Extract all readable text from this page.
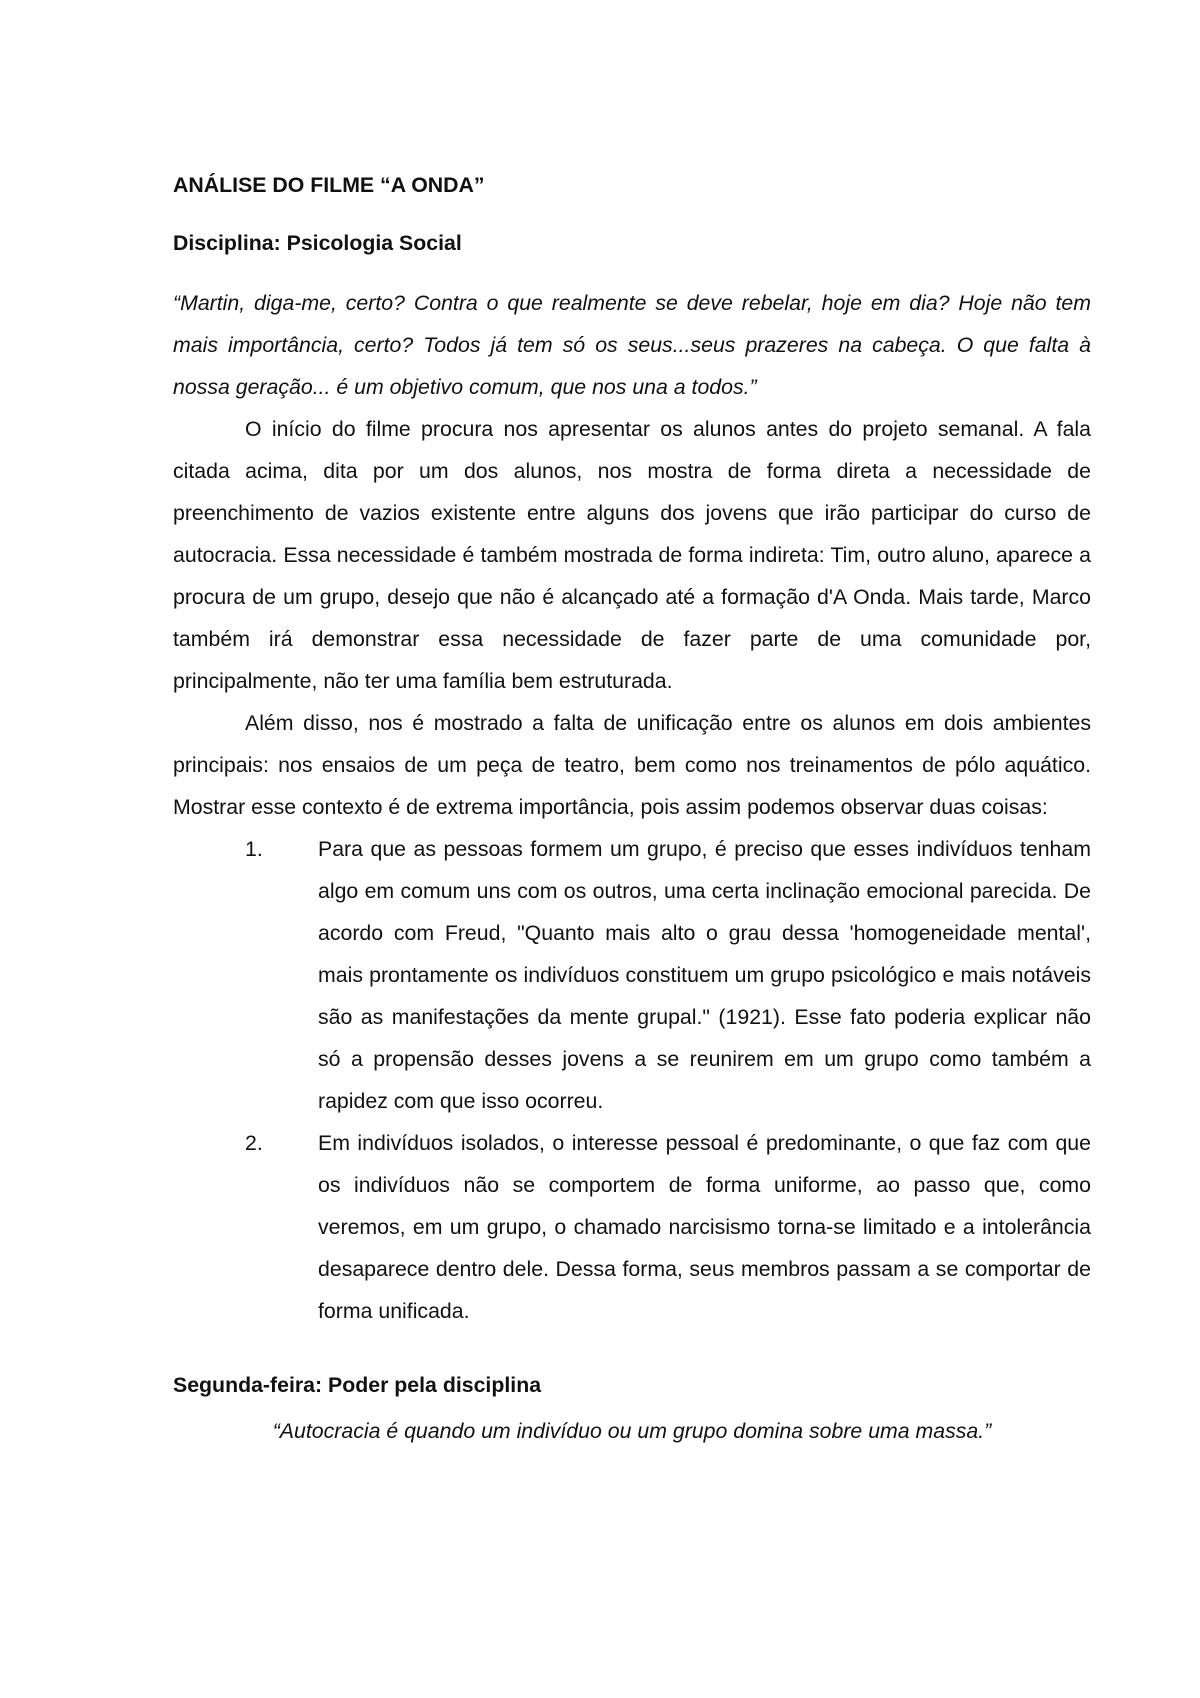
ANÁLISE DO FILME “A ONDA”
Disciplina: Psicologia Social

“Martin, diga-me, certo? Contra o que realmente se deve rebelar, hoje em dia? Hoje não tem mais importância, certo? Todos já tem só os seus...seus prazeres na cabeça. O que falta à nossa geração... é um objetivo comum, que nos una a todos.”

O início do filme procura nos apresentar os alunos antes do projeto semanal. A fala citada acima, dita por um dos alunos, nos mostra de forma direta a necessidade de preenchimento de vazios existente entre alguns dos jovens que irão participar do curso de autocracia. Essa necessidade é também mostrada de forma indireta: Tim, outro aluno, aparece a procura de um grupo, desejo que não é alcançado até a formação d'A Onda. Mais tarde, Marco também irá demonstrar essa necessidade de fazer parte de uma comunidade por, principalmente, não ter uma família bem estruturada.

Além disso, nos é mostrado a falta de unificação entre os alunos em dois ambientes principais: nos ensaios de um peça de teatro, bem como nos treinamentos de pólo aquático. Mostrar esse contexto é de extrema importância, pois assim podemos observar duas coisas:

1.	Para que as pessoas formem um grupo, é preciso que esses indivíduos tenham algo em comum uns com os outros, uma certa inclinação emocional parecida. De acordo com Freud, "Quanto mais alto o grau dessa 'homogeneidade mental', mais prontamente os indivíduos constituem um grupo psicológico e mais notáveis são as manifestações da mente grupal." (1921). Esse fato poderia explicar não só a propensão desses jovens a se reunirem em um grupo como também a rapidez com que isso ocorreu.
2.	Em indivíduos isolados, o interesse pessoal é predominante, o que faz com que os indivíduos não se comportem de forma uniforme, ao passo que, como veremos, em um grupo, o chamado narcisismo torna-se limitado e a intolerância desaparece dentro dele. Dessa forma, seus membros passam a se comportar de forma unificada.
Segunda-feira: Poder pela disciplina

“Autocracia é quando um indivíduo ou um grupo domina sobre uma massa.”
